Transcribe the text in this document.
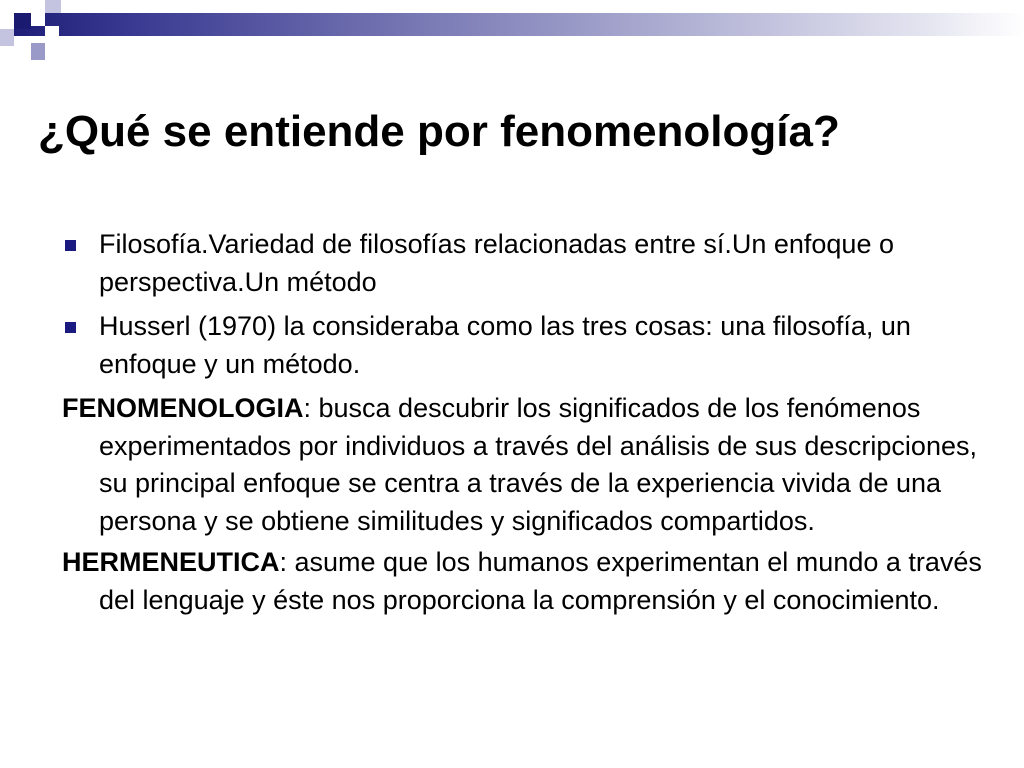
¿Qué se entiende por fenomenología?
Filosofía.Variedad de filosofías relacionadas entre sí.Un enfoque o perspectiva.Un método
Husserl (1970) la consideraba como las tres cosas: una filosofía, un enfoque y un método.

FENOMENOLOGIA: busca descubrir los significados de los fenómenos experimentados por individuos a través del análisis de sus descripciones, su principal enfoque se centra a través de la experiencia vivida de una persona y se obtiene similitudes y significados compartidos.

HERMENEUTICA: asume que los humanos experimentan el mundo a través del lenguaje y éste nos proporciona la comprensión y el conocimiento.
